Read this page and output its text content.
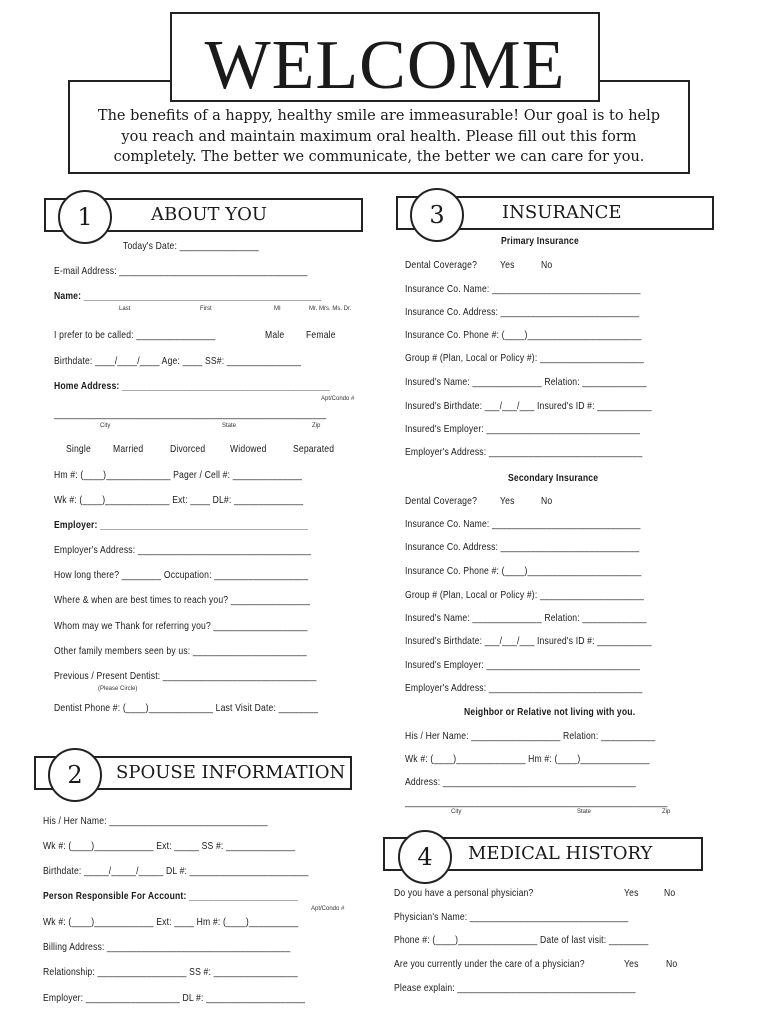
WELCOME
The benefits of a happy, healthy smile are immeasurable! Our goal is to help you reach and maintain maximum oral health. Please fill out this form completely. The better we communicate, the better we can care for you.
ABOUT YOU
1	INSURANCE
3
SPOUSE INFORMATION
2
MEDICAL HISTORY
4
Today's Date: ________________
E-mail Address: ______________________________________
Name: ________________________________________________
Last	First	MI	Mr. Mrs. Ms. Dr.
I prefer to be called: ________________	Male Female
Birthdate: ____/____/____ Age: ____ SS#: _______________
Home Address: __________________________________________
Apt/Condo #
_______________________________________________________
City	State	Zip
Single Married	Divorced Widowed	Separated
Hm #: (____)_____________ Pager / Cell #: ______________
Wk #: (____)_____________ Ext: ____ DL#: ______________
Employer: __________________________________________
Employer's Address: ___________________________________
How long there? ________ Occupation: ___________________
Where & when are best times to reach you? ________________
Whom may we Thank for referring you? ___________________
Other family members seen by us: _______________________
Previous / Present Dentist: _______________________________
(Please Circle)
Dentist Phone #: (____)_____________ Last Visit Date: ________
Primary Insurance
Dental Coverage? Yes	No
Insurance Co. Name: ______________________________
Insurance Co. Address: ____________________________
Insurance Co. Phone #: (____)_______________________
Group # (Plan, Local or Policy #): _____________________
Insured's Name: ______________ Relation: _____________
Insured's Birthdate: ___/___/___ Insured's ID #: ___________
Insured's Employer: _______________________________
Employer's Address: _______________________________
Secondary Insurance
Dental Coverage? Yes	No
Insurance Co. Name: ______________________________
Insurance Co. Address: ____________________________
Insurance Co. Phone #: (____)_______________________
Group # (Plan, Local or Policy #): _____________________
Insured's Name: ______________ Relation: _____________
Insured's Birthdate: ___/___/___ Insured's ID #: ___________
Insured's Employer: _______________________________
Employer's Address: _______________________________
Neighbor or Relative not living with you.
His / Her Name: __________________ Relation: ___________
Wk #: (____)______________ Hm #: (____)______________
Address: _______________________________________
_____________________________________________________
City	State	Zip
His / Her Name: ________________________________
Wk #: (____)____________ Ext: _____ SS #: ______________
Birthdate: _____/_____/_____ DL #: ________________________
Person Responsible For Account: ______________________
Apt/Condo #
Wk #: (____)____________ Ext: ____ Hm #: (____)__________
Billing Address: _____________________________________
Relationship: __________________ SS #: _________________
Employer: ___________________ DL #: ____________________
Do you have a personal physician?	Yes No
Physician's Name: ________________________________
Phone #: (____)________________ Date of last visit: ________
Are you currently under the care of a physician?	Yes	No
Please explain: ____________________________________
